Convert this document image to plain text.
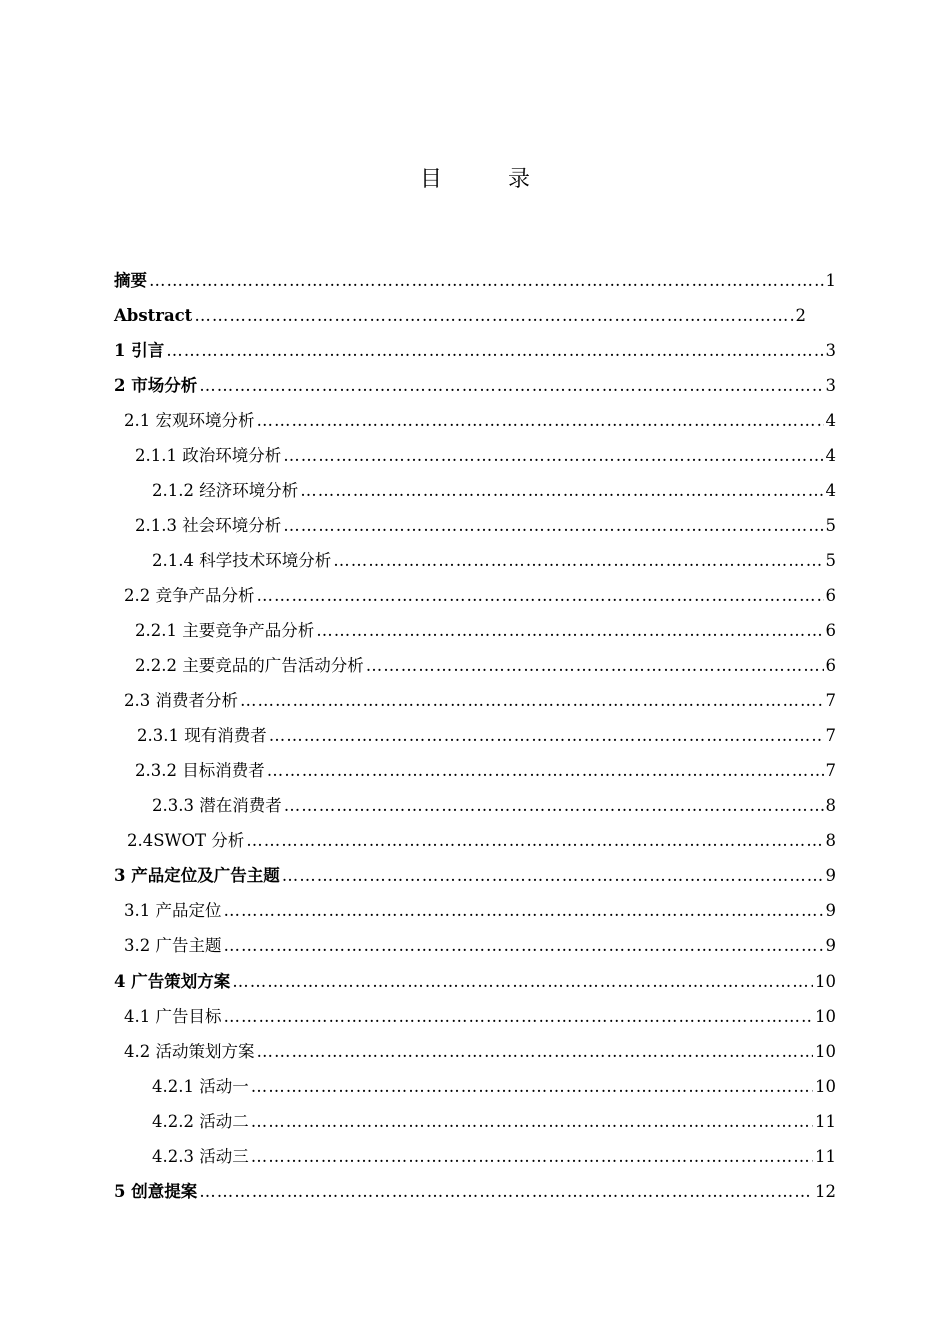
目　录
摘要 …………………………………………………………………………………………………………………………………………………………………………………………………………………………………………	1
Abstract …………………………………………………………………………………………………………………………………………………………………………………………………………………………………………	2
1 引言 …………………………………………………………………………………………………………………………………………………………………………………………………………………………………………	3
2 市场分析 …………………………………………………………………………………………………………………………………………………………………………………………………………………………………………	3
2.1 宏观环境分析 …………………………………………………………………………………………………………………………………………………………………………………………………………………………………………	4
2.1.1 政治环境分析 …………………………………………………………………………………………………………………………………………………………………………………………………………………………………………	4
2.1.2 经济环境分析 …………………………………………………………………………………………………………………………………………………………………………………………………………………………………………	4
2.1.3 社会环境分析 …………………………………………………………………………………………………………………………………………………………………………………………………………………………………………	5
2.1.4 科学技术环境分析 …………………………………………………………………………………………………………………………………………………………………………………………………………………………………………	5
2.2 竞争产品分析 …………………………………………………………………………………………………………………………………………………………………………………………………………………………………………	6
2.2.1 主要竞争产品分析 …………………………………………………………………………………………………………………………………………………………………………………………………………………………………………	6
2.2.2 主要竞品的广告活动分析 …………………………………………………………………………………………………………………………………………………………………………………………………………………………………………	6
2.3 消费者分析 …………………………………………………………………………………………………………………………………………………………………………………………………………………………………………	7
2.3.1 现有消费者 …………………………………………………………………………………………………………………………………………………………………………………………………………………………………………	7
2.3.2 目标消费者 …………………………………………………………………………………………………………………………………………………………………………………………………………………………………………	7
2.3.3 潜在消费者 …………………………………………………………………………………………………………………………………………………………………………………………………………………………………………	8
2.4SWOT 分析 …………………………………………………………………………………………………………………………………………………………………………………………………………………………………………	8
3 产品定位及广告主题 …………………………………………………………………………………………………………………………………………………………………………………………………………………………………………	9
3.1 产品定位 …………………………………………………………………………………………………………………………………………………………………………………………………………………………………………	9
3.2 广告主题 …………………………………………………………………………………………………………………………………………………………………………………………………………………………………………	9
4 广告策划方案 …………………………………………………………………………………………………………………………………………………………………………………………………………………………………………	10
4.1 广告目标 …………………………………………………………………………………………………………………………………………………………………………………………………………………………………………	10
4.2 活动策划方案 …………………………………………………………………………………………………………………………………………………………………………………………………………………………………………	10
4.2.1 活动一 …………………………………………………………………………………………………………………………………………………………………………………………………………………………………………	10
4.2.2 活动二 …………………………………………………………………………………………………………………………………………………………………………………………………………………………………………	11
4.2.3 活动三 …………………………………………………………………………………………………………………………………………………………………………………………………………………………………………	11
5 创意提案 …………………………………………………………………………………………………………………………………………………………………………………………………………………………………………	12
